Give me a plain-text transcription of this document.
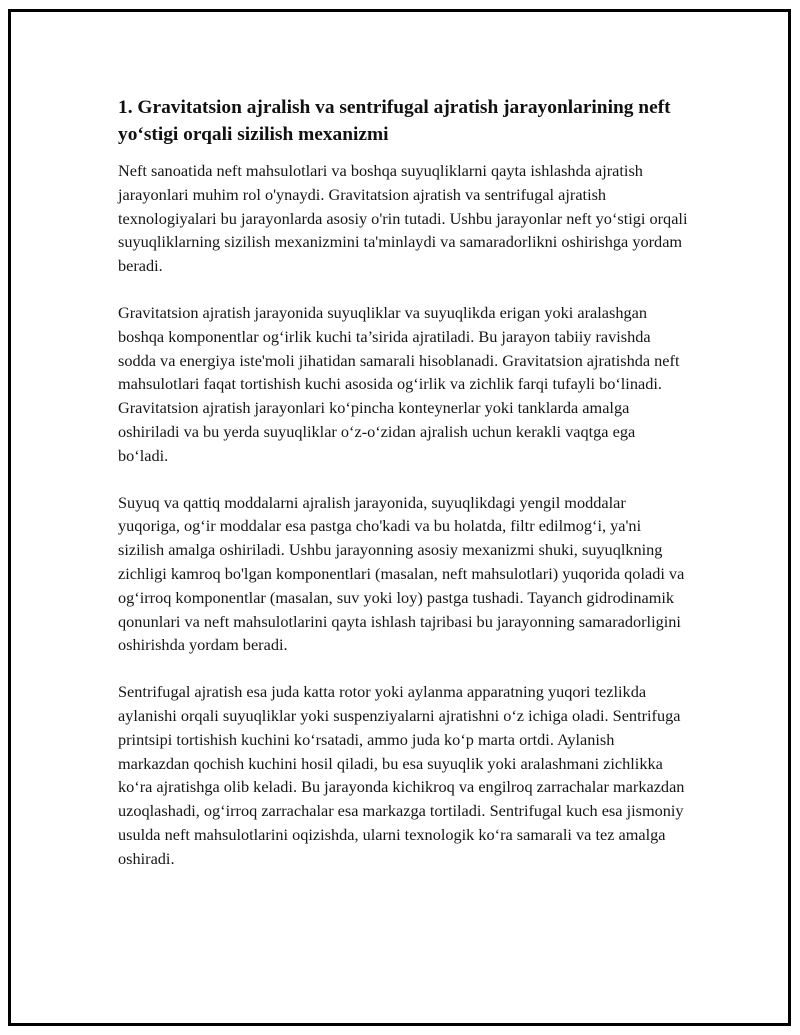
1. Gravitatsion ajralish va sentrifugal ajratish jarayonlarining neft yo‘stigi orqali sizilish mexanizmi

Neft sanoatida neft mahsulotlari va boshqa suyuqliklarni qayta ishlashda ajratish jarayonlari muhim rol o'ynaydi. Gravitatsion ajratish va sentrifugal ajratish texnologiyalari bu jarayonlarda asosiy o'rin tutadi. Ushbu jarayonlar neft yo‘stigi orqali suyuqliklarning sizilish mexanizmini ta'minlaydi va samaradorlikni oshirishga yordam beradi.

Gravitatsion ajratish jarayonida suyuqliklar va suyuqlikda erigan yoki aralashgan boshqa komponentlar og‘irlik kuchi ta’sirida ajratiladi. Bu jarayon tabiiy ravishda sodda va energiya iste'moli jihatidan samarali hisoblanadi. Gravitatsion ajratishda neft mahsulotlari faqat tortishish kuchi asosida og‘irlik va zichlik farqi tufayli bo‘linadi. Gravitatsion ajratish jarayonlari ko‘pincha konteynerlar yoki tanklarda amalga oshiriladi va bu yerda suyuqliklar o‘z-o‘zidan ajralish uchun kerakli vaqtga ega bo‘ladi.

Suyuq va qattiq moddalarni ajralish jarayonida, suyuqlikdagi yengil moddalar yuqoriga, og‘ir moddalar esa pastga cho'kadi va bu holatda, filtr edilmog‘i, ya'ni sizilish amalga oshiriladi. Ushbu jarayonning asosiy mexanizmi shuki, suyuqlkning zichligi kamroq bo'lgan komponentlari (masalan, neft mahsulotlari) yuqorida qoladi va og‘irroq komponentlar (masalan, suv yoki loy) pastga tushadi. Tayanch gidrodinamik qonunlari va neft mahsulotlarini qayta ishlash tajribasi bu jarayonning samaradorligini oshirishda yordam beradi.

Sentrifugal ajratish esa juda katta rotor yoki aylanma apparatning yuqori tezlikda aylanishi orqali suyuqliklar yoki suspenziyalarni ajratishni o‘z ichiga oladi. Sentrifuga printsipi tortishish kuchini ko‘rsatadi, ammo juda ko‘p marta ortdi. Aylanish markazdan qochish kuchini hosil qiladi, bu esa suyuqlik yoki aralashmani zichlikka ko‘ra ajratishga olib keladi. Bu jarayonda kichikroq va engilroq zarrachalar markazdan uzoqlashadi, og‘irroq zarrachalar esa markazga tortiladi. Sentrifugal kuch esa jismoniy usulda neft mahsulotlarini oqizishda, ularni texnologik ko‘ra samarali va tez amalga oshiradi.
